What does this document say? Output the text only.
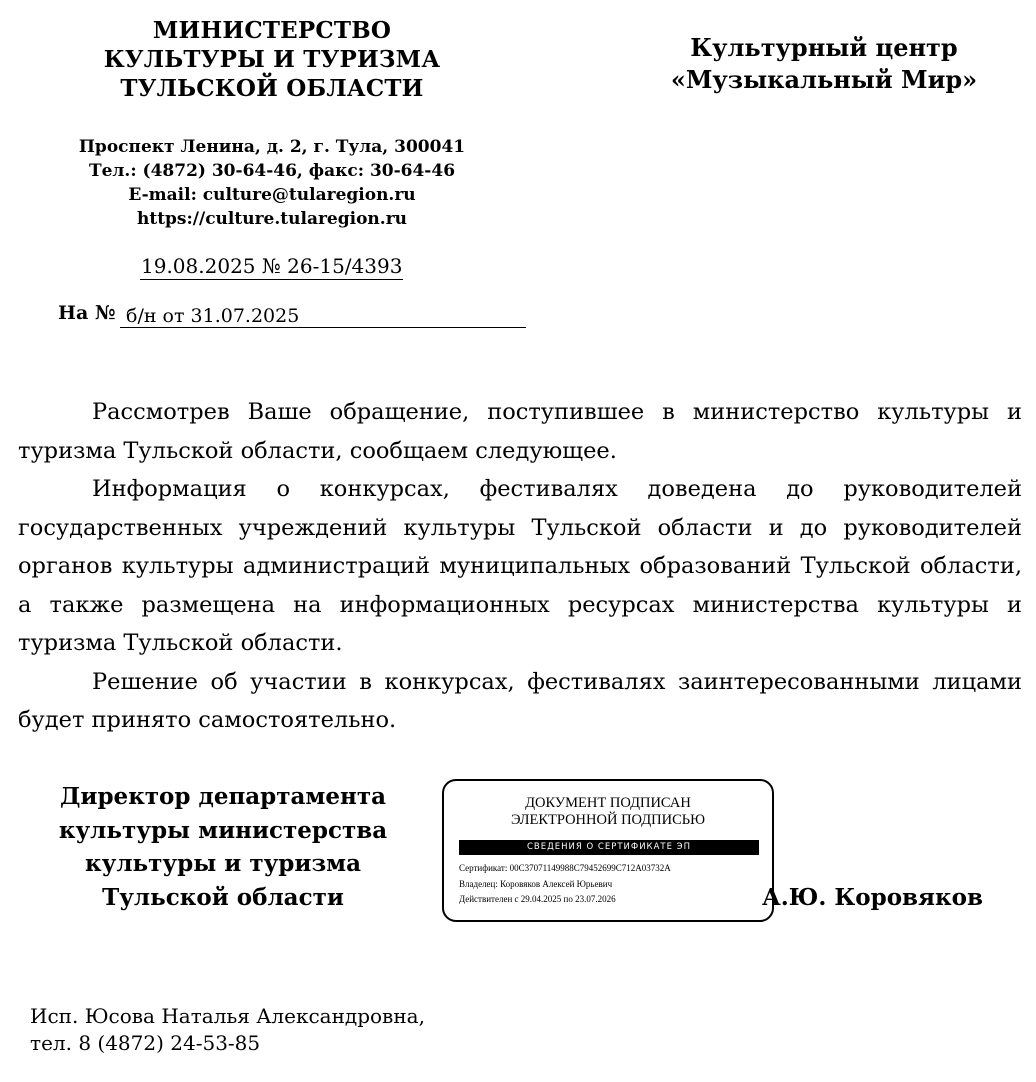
МИНИСТЕРСТВО
КУЛЬТУРЫ И ТУРИЗМА
ТУЛЬСКОЙ ОБЛАСТИ
Проспект Ленина, д. 2, г. Тула, 300041
Тел.: (4872) 30-64-46, факс: 30-64-46
E-mail: culture@tularegion.ru
https://culture.tularegion.ru
19.08.2025 № 26-15/4393
На № б/н от 31.07.2025
Культурный центр
«Музыкальный Мир»

Рассмотрев Ваше обращение, поступившее в министерство культуры и туризма Тульской области, сообщаем следующее.

Информация о конкурсах, фестивалях доведена до руководителей государственных учреждений культуры Тульской области и до руководителей органов культуры администраций муниципальных образований Тульской области, а также размещена на информационных ресурсах министерства культуры и туризма Тульской области.

Решение об участии в конкурсах, фестивалях заинтересованными лицами будет принято самостоятельно.

Директор департамента
культуры министерства
культуры и туризма
Тульской области
ДОКУМЕНТ ПОДПИСАН
ЭЛЕКТРОННОЙ ПОДПИСЬЮ
СВЕДЕНИЯ О СЕРТИФИКАТЕ ЭП
Сертификат: 00C37071149988C79452699C712A03732A
Владелец: Коровяков Алексей Юрьевич
Действителен с 29.04.2025 по 23.07.2026	А.Ю. Коровяков
Исп. Юсова Наталья Александровна,
тел. 8 (4872) 24-53-85
